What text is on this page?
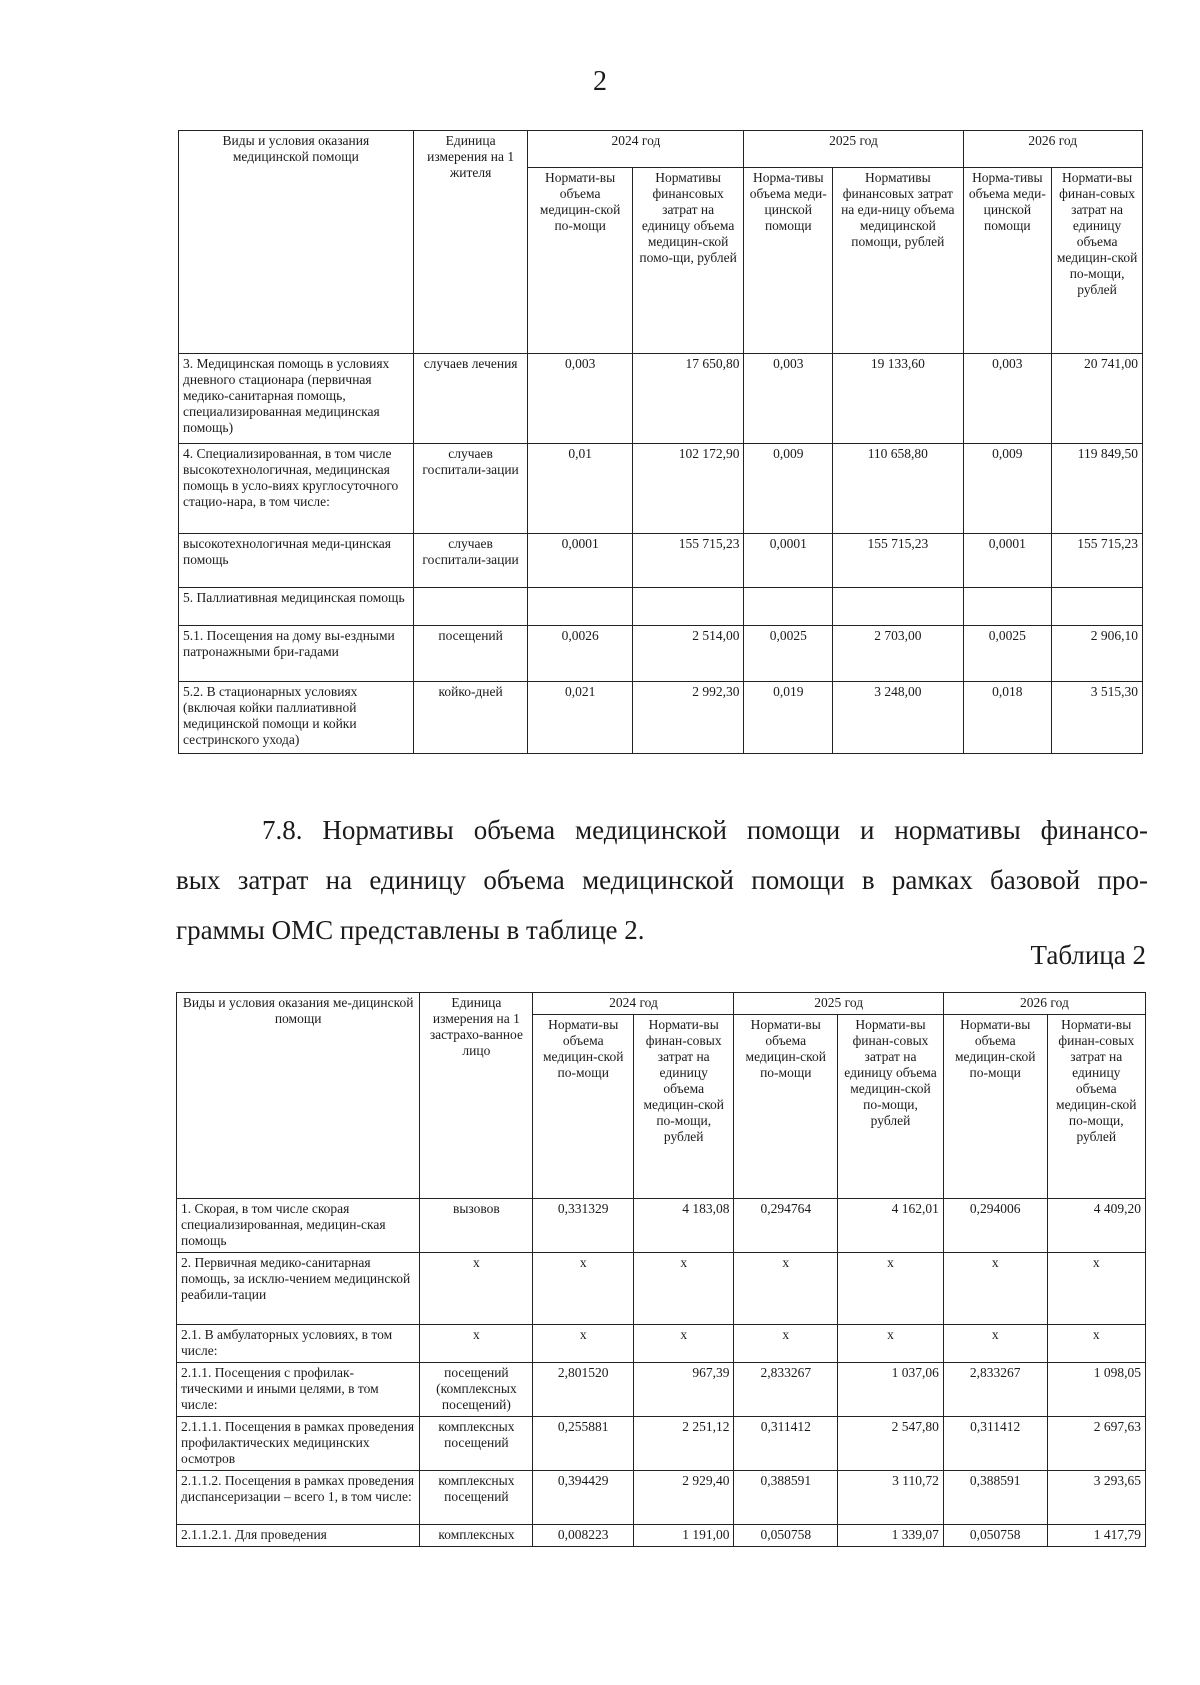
2
Виды и условия оказания медицинской помощи	Единица измерения на 1 жителя	2024 год		2025 год		2026 год	
		Нормати-вы объема медицин-ской по-мощи	Нормативы финансовых затрат на единицу объема медицин-ской помо-щи, рублей	Норма-тивы объема меди-цинской помощи	Нормативы финансовых затрат на еди-ницу объема медицинской помощи, рублей	Норма-тивы объема меди-цинской помощи	Нормати-вы финан-совых затрат на единицу объема медицин-ской по-мощи, рублей
3. Медицинская помощь в условиях дневного стационара (первичная медико-санитарная помощь, специализированная медицинская помощь)	случаев лечения	0,003	17 650,80	0,003	19 133,60	0,003	20 741,00
4. Специализированная, в том числе высокотехнологичная, медицинская помощь в усло-виях круглосуточного стацио-нара, в том числе:	случаев госпитали-зации	0,01	102 172,90	0,009	110 658,80	0,009	119 849,50
высокотехнологичная меди-цинская помощь	случаев госпитали-зации	0,0001	155 715,23	0,0001	155 715,23	0,0001	155 715,23
5. Паллиативная медицинская помощь							
5.1. Посещения на дому вы-ездными патронажными бри-гадами	посещений	0,0026	2 514,00	0,0025	2 703,00	0,0025	2 906,10
5.2. В стационарных условиях (включая койки паллиативной медицинской помощи и койки сестринского ухода)	койко-дней	0,021	2 992,30	0,019	3 248,00	0,018	3 515,30
7.8. Нормативы объема медицинской помощи и нормативы финансо-
вых затрат на единицу объема медицинской помощи в рамках базовой про-
граммы ОМС представлены в таблице 2.
Таблица 2
Виды и условия оказания ме-дицинской помощи	Единица измерения на 1 застрахо-ванное лицо	2024 год		2025 год		2026 год	
		Нормати-вы объема медицин-ской по-мощи	Нормати-вы финан-совых затрат на единицу объема медицин-ской по-мощи, рублей	Нормати-вы объема медицин-ской по-мощи	Нормати-вы финан-совых затрат на единицу объема медицин-ской по-мощи, рублей	Нормати-вы объема медицин-ской по-мощи	Нормати-вы финан-совых затрат на единицу объема медицин-ской по-мощи, рублей
1. Скорая, в том числе скорая специализированная, медицин-ская помощь	вызовов	0,331329	4 183,08	0,294764	4 162,01	0,294006	4 409,20
2. Первичная медико-санитарная помощь, за исклю-чением медицинской реабили-тации	х	х	х	х	х	х	х
2.1. В амбулаторных условиях, в том числе:	х	х	х	х	х	х	х
2.1.1. Посещения с профилак-тическими и иными целями, в том числе:	посещений (комплексных посещений)	2,801520	967,39	2,833267	1 037,06	2,833267	1 098,05
2.1.1.1. Посещения в рамках проведения профилактических медицинских осмотров	комплексных посещений	0,255881	2 251,12	0,311412	2 547,80	0,311412	2 697,63
2.1.1.2. Посещения в рамках проведения диспансеризации – всего 1, в том числе:	комплексных посещений	0,394429	2 929,40	0,388591	3 110,72	0,388591	3 293,65
2.1.1.2.1. Для проведения	комплексных	0,008223	1 191,00	0,050758	1 339,07	0,050758	1 417,79
